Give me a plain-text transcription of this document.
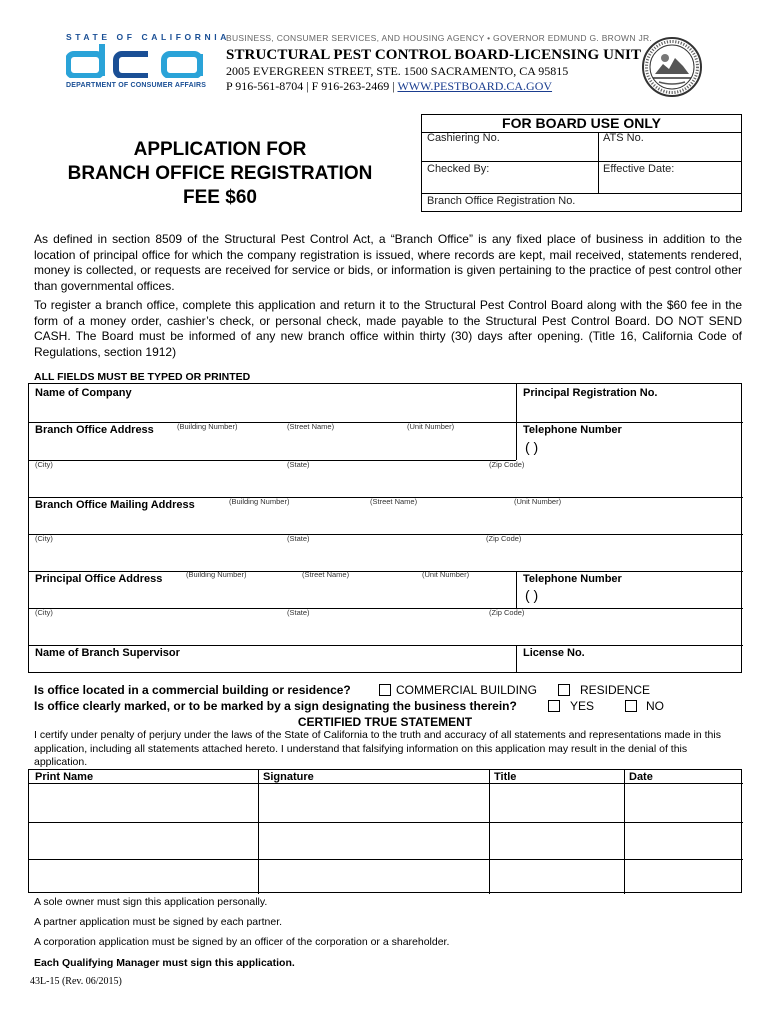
STATE OF CALIFORNIA
DEPARTMENT OF CONSUMER AFFAIRS
BUSINESS, CONSUMER SERVICES, AND HOUSING AGENCY • GOVERNOR EDMUND G. BROWN JR.
STRUCTURAL PEST CONTROL BOARD-LICENSING UNIT
2005 EVERGREEN STREET, STE. 1500 SACRAMENTO, CA 95815
P 916-561-8704 | F 916-263-2469 | WWW.PESTBOARD.CA.GOV
APPLICATION FOR
BRANCH OFFICE REGISTRATION
FEE $60
FOR BOARD USE ONLY
Cashiering No.	ATS No.
Checked By:	Effective Date:
Branch Office Registration No.
As defined in section 8509 of the Structural Pest Control Act, a “Branch Office” is any fixed place of business in addition to the location of principal office for which the company registration is issued, where records are kept, mail received, statements rendered, money is collected, or requests are received for service or bids, or information is given pertaining to the practice of pest control other than governmental offices.
To register a branch office, complete this application and return it to the Structural Pest Control Board along with the $60 fee in the form of a money order, cashier’s check, or personal check, made payable to the Structural Pest Control Board. DO NOT SEND CASH. The Board must be informed of any new branch office within thirty (30) days after opening. (Title 16, California Code of Regulations, section 1912)
ALL FIELDS MUST BE TYPED OR PRINTED
Name of Company	Principal Registration No.
Branch Office Address	(Building Number)	(Street Name)	(Unit Number)	Telephone Number
( )
(City)	(State)	(Zip Code)
Branch Office Mailing Address	(Building Number)	(Street Name)	(Unit Number)
(City)	(State)	(Zip Code)
Principal Office Address	(Building Number)	(Street Name)	(Unit Number)	Telephone Number
( )
(City)	(State)	(Zip Code)
Name of Branch Supervisor	License No.
Is office located in a commercial building or residence?	COMMERCIAL BUILDING	RESIDENCE
Is office clearly marked, or to be marked by a sign designating the business therein?	YES	NO
CERTIFIED TRUE STATEMENT
I certify under penalty of perjury under the laws of the State of California to the truth and accuracy of all statements and representations made in this application, including all statements attached hereto. I understand that falsifying information on this application may result in the denial of this application.
Print Name	Signature	Title	Date
A sole owner must sign this application personally.
A partner application must be signed by each partner.
A corporation application must be signed by an officer of the corporation or a shareholder.
Each Qualifying Manager must sign this application.
43L-15 (Rev. 06/2015)
